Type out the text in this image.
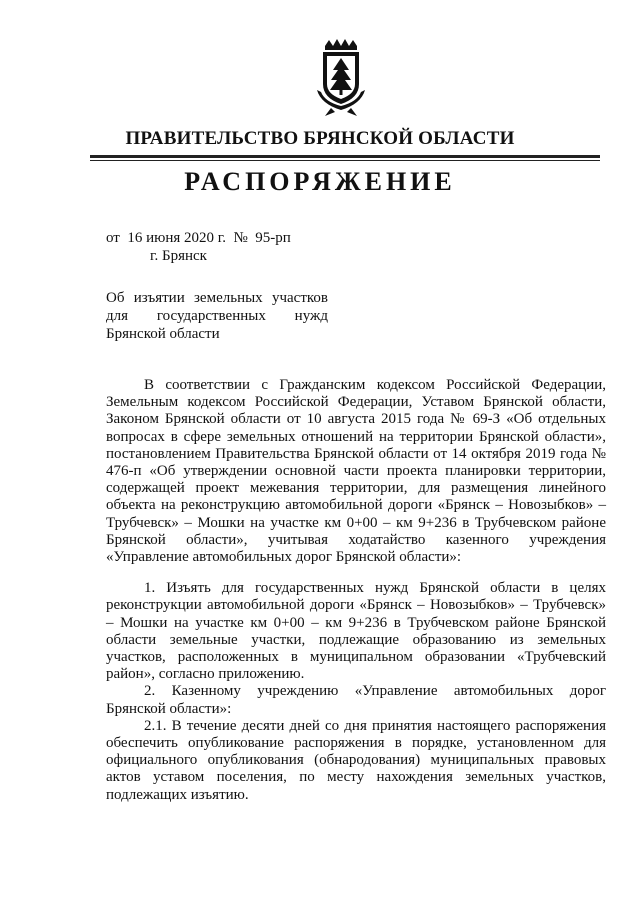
ПРАВИТЕЛЬСТВО БРЯНСКОЙ ОБЛАСТИ
РАСПОРЯЖЕНИЕ
от  16 июня 2020 г.  №  95-рп
г. Брянск
Об изъятии земельных участков для государственных нужд Брянской области

В соответствии с Гражданским кодексом Российской Федерации, Земельным кодексом Российской Федерации, Уставом Брянской области, Законом Брянской области от 10 августа 2015 года № 69-З «Об отдельных вопросах в сфере земельных отношений на территории Брянской области», постановлением Правительства Брянской области от 14 октября 2019 года № 476-п «Об утверждении основной части проекта планировки территории, содержащей проект межевания территории, для размещения линейного объекта на реконструкцию автомобильной дороги «Брянск – Новозыбков» – Трубчевск» – Мошки на участке км 0+00 – км 9+236 в Трубчевском районе Брянской области», учитывая ходатайство казенного учреждения «Управление автомобильных дорог Брянской области»:

1. Изъять для государственных нужд Брянской области в целях реконструкции автомобильной дороги «Брянск – Новозыбков» – Трубчевск» – Мошки на участке км 0+00 – км 9+236 в Трубчевском районе Брянской области земельные участки, подлежащие образованию из земельных участков, расположенных в муниципальном образовании «Трубчевский район», согласно приложению.

2. Казенному учреждению «Управление автомобильных дорог Брянской области»:

2.1. В течение десяти дней со дня принятия настоящего распоряжения обеспечить опубликование распоряжения в порядке, установленном для официального опубликования (обнародования) муниципальных правовых актов уставом поселения, по месту нахождения земельных участков, подлежащих изъятию.
